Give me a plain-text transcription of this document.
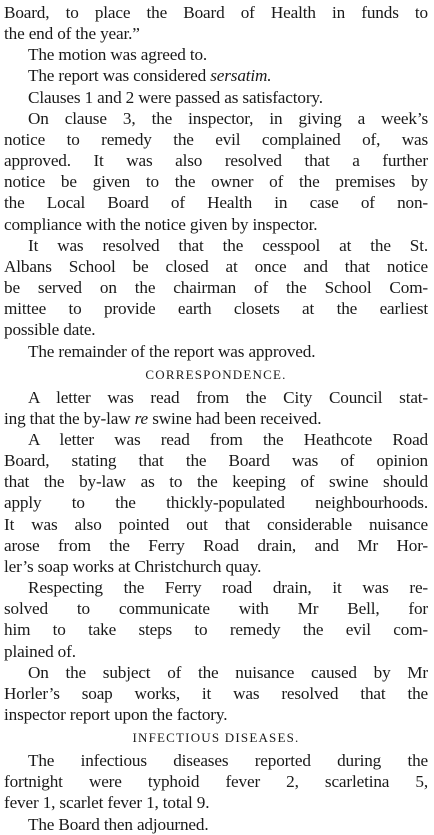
Board, to place the Board of Health in funds to
the end of the year.”
The motion was agreed to.
The report was considered sersatim.
Clauses 1 and 2 were passed as satisfactory.
On clause 3, the inspector, in giving a week’s
notice to remedy the evil complained of, was
approved. It was also resolved that a further
notice be given to the owner of the premises by
the Local Board of Health in case of non-
compliance with the notice given by inspector.
It was resolved that the cesspool at the St.
Albans School be closed at once and that notice
be served on the chairman of the School Com-
mittee to provide earth closets at the earliest
possible date.
The remainder of the report was approved.
CORRESPONDENCE.
A letter was read from the City Council stat-
ing that the by-law re swine had been received.
A letter was read from the Heathcote Road
Board, stating that the Board was of opinion
that the by-law as to the keeping of swine should
apply to the thickly-populated neighbourhoods.
It was also pointed out that considerable nuisance
arose from the Ferry Road drain, and Mr Hor-
ler’s soap works at Christchurch quay.
Respecting the Ferry road drain, it was re-
solved to communicate with Mr Bell, for
him to take steps to remedy the evil com-
plained of.
On the subject of the nuisance caused by Mr
Horler’s soap works, it was resolved that the
inspector report upon the factory.
INFECTIOUS DISEASES.
The infectious diseases reported during the
fortnight were typhoid fever 2, scarletina 5,
fever 1, scarlet fever 1, total 9.
The Board then adjourned.
